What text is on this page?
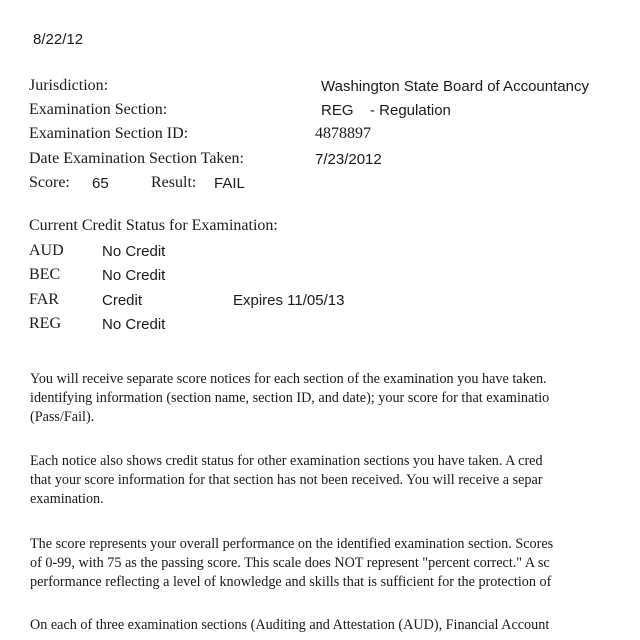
8/22/12
Jurisdiction:	Washington State Board of Accountancy
Examination Section:	REG - Regulation
Examination Section ID:	4878897
Date Examination Section Taken:	7/23/2012
Score: 65	Result: FAIL
Current Credit Status for Examination:
AUD	No Credit
BEC	No Credit
FAR	Credit	Expires 11/05/13
REG	No Credit
You will receive separate score notices for each section of the examination you have taken.
identifying information (section name, section ID, and date); your score for that examinatio
(Pass/Fail).
Each notice also shows credit status for other examination sections you have taken. A cred
that your score information for that section has not been received. You will receive a separ
examination.
The score represents your overall performance on the identified examination section. Scores
of 0-99, with 75 as the passing score. This scale does NOT represent "percent correct." A sc
performance reflecting a level of knowledge and skills that is sufficient for the protection of
On each of three examination sections (Auditing and Attestation (AUD), Financial Account
